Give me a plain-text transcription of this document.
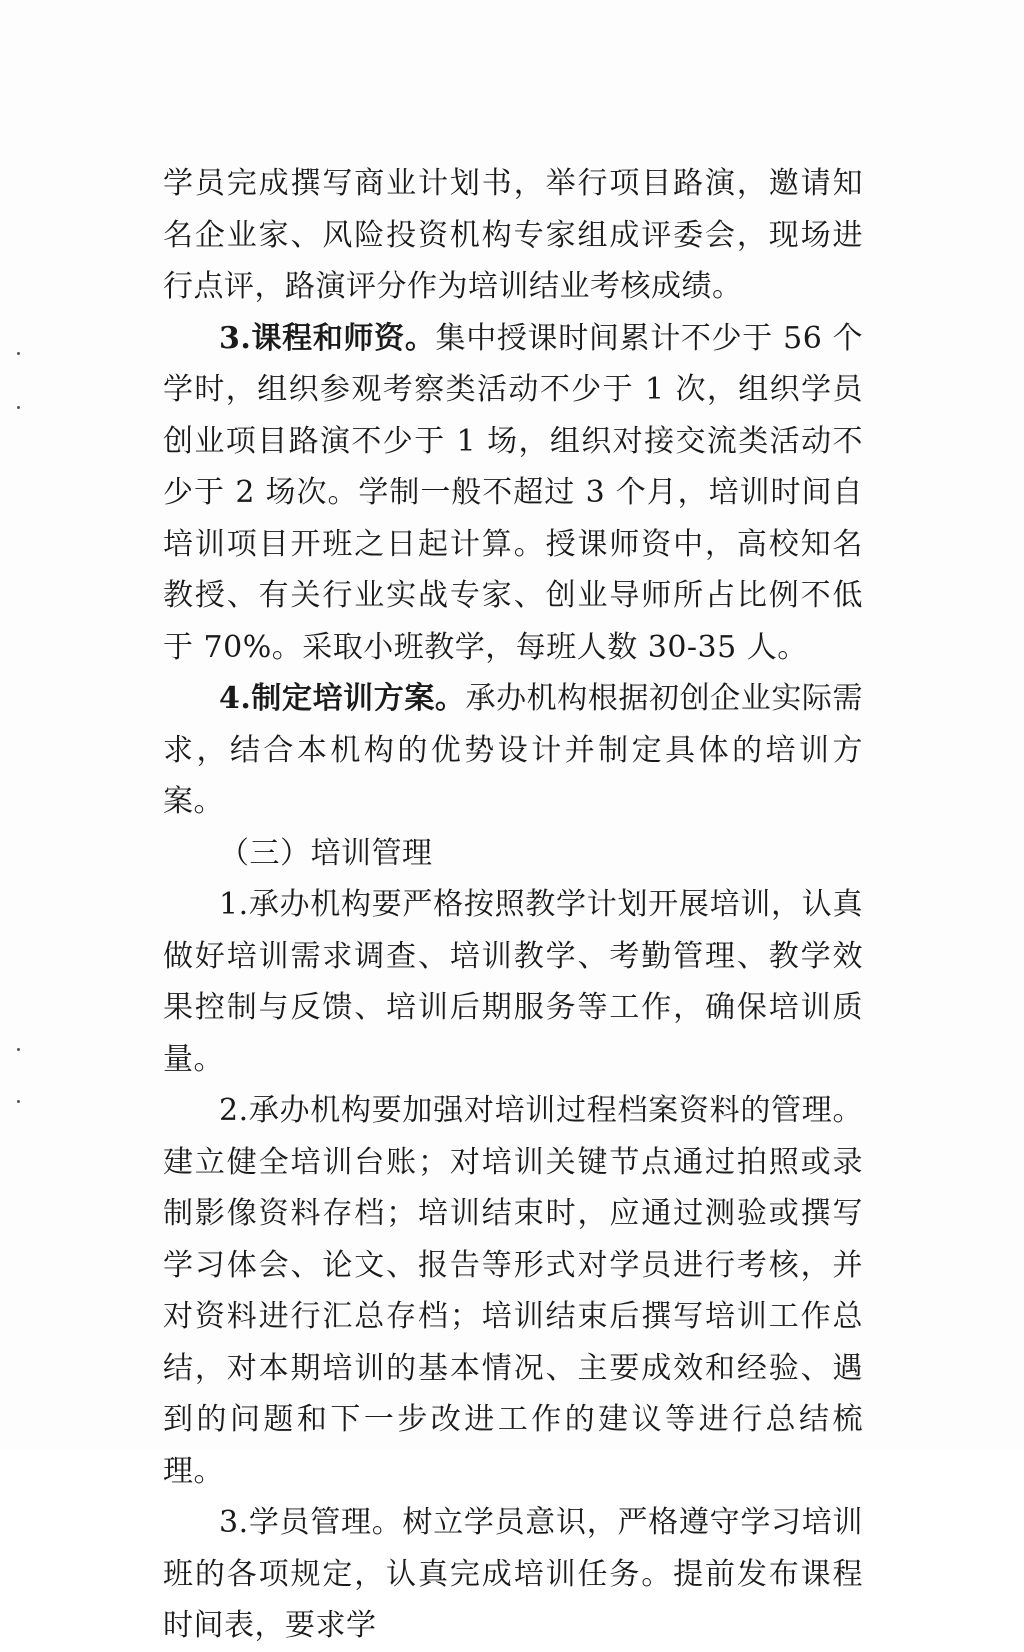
学员完成撰写商业计划书，举行项目路演，邀请知名企业家、风险投资机构专家组成评委会，现场进行点评，路演评分作为培训结业考核成绩。

3.课程和师资。集中授课时间累计不少于 56 个学时，组织参观考察类活动不少于 1 次，组织学员创业项目路演不少于 1 场，组织对接交流类活动不少于 2 场次。学制一般不超过 3 个月，培训时间自培训项目开班之日起计算。授课师资中，高校知名教授、有关行业实战专家、创业导师所占比例不低于 70%。采取小班教学，每班人数 30-35 人。

4.制定培训方案。承办机构根据初创企业实际需求，结合本机构的优势设计并制定具体的培训方案。

（三）培训管理

1.承办机构要严格按照教学计划开展培训，认真做好培训需求调查、培训教学、考勤管理、教学效果控制与反馈、培训后期服务等工作，确保培训质量。

2.承办机构要加强对培训过程档案资料的管理。建立健全培训台账；对培训关键节点通过拍照或录制影像资料存档；培训结束时，应通过测验或撰写学习体会、论文、报告等形式对学员进行考核，并对资料进行汇总存档；培训结束后撰写培训工作总结，对本期培训的基本情况、主要成效和经验、遇到的问题和下一步改进工作的建议等进行总结梳理。

3.学员管理。树立学员意识，严格遵守学习培训班的各项规定，认真完成培训任务。提前发布课程时间表，要求学
